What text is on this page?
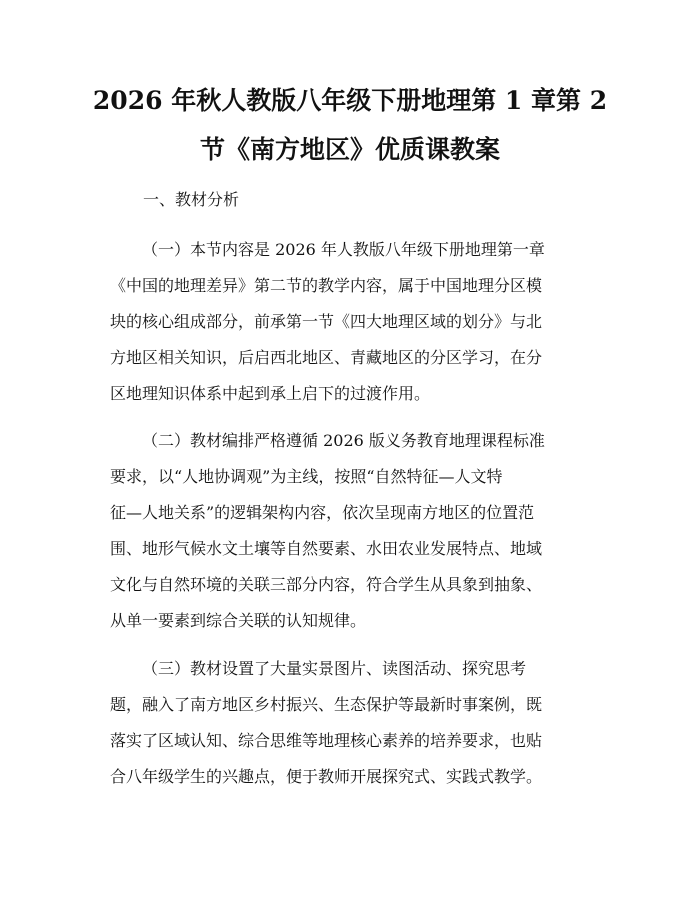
2026 年秋人教版八年级下册地理第 1 章第 2
节《南方地区》优质课教案
一、教材分析
（一）本节内容是 2026 年人教版八年级下册地理第一章
《中国的地理差异》第二节的教学内容，属于中国地理分区模
块的核心组成部分，前承第一节《四大地理区域的划分》与北
方地区相关知识，后启西北地区、青藏地区的分区学习，在分
区地理知识体系中起到承上启下的过渡作用。
（二）教材编排严格遵循 2026 版义务教育地理课程标准
要求，以“人地协调观”为主线，按照“自然特征—人文特
征—人地关系”的逻辑架构内容，依次呈现南方地区的位置范
围、地形气候水文土壤等自然要素、水田农业发展特点、地域
文化与自然环境的关联三部分内容，符合学生从具象到抽象、
从单一要素到综合关联的认知规律。
（三）教材设置了大量实景图片、读图活动、探究思考
题，融入了南方地区乡村振兴、生态保护等最新时事案例，既
落实了区域认知、综合思维等地理核心素养的培养要求，也贴
合八年级学生的兴趣点，便于教师开展探究式、实践式教学。
